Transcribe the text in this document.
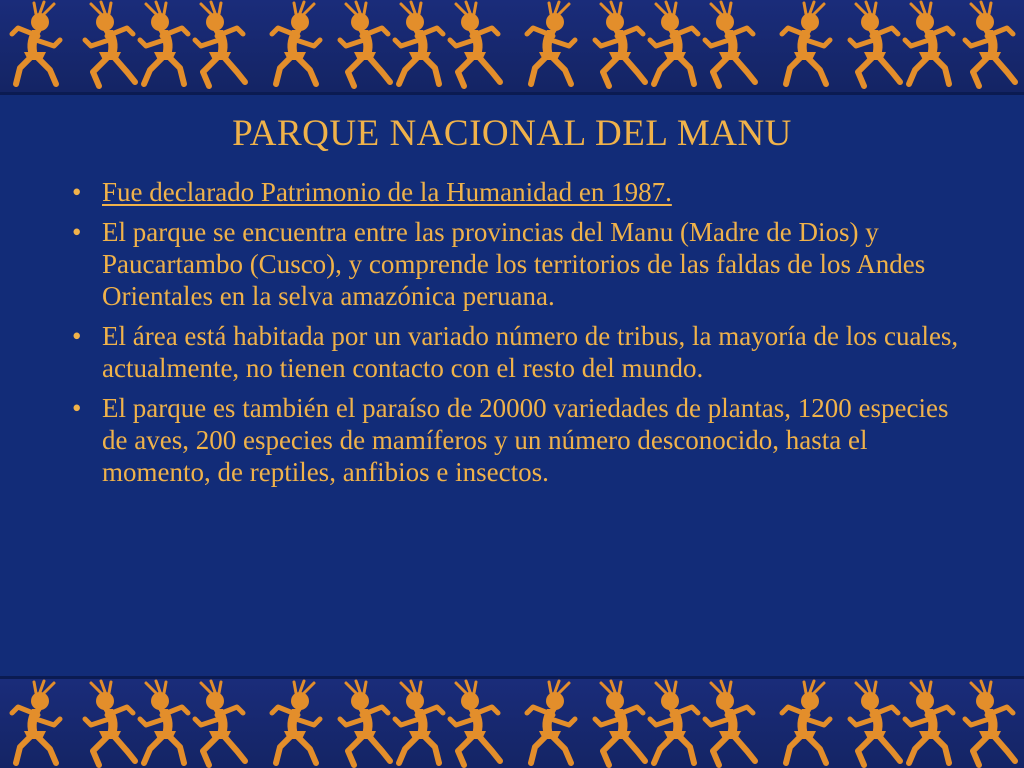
PARQUE NACIONAL DEL MANU
• Fue declarado Patrimonio de la Humanidad en 1987.
• El parque se encuentra entre las provincias del Manu (Madre de Dios) y Paucartambo (Cusco), y comprende los territorios de las faldas de los Andes Orientales en la selva amazónica peruana.
• El área está habitada por un variado número de tribus, la mayoría de los cuales, actualmente, no tienen contacto con el resto del mundo.
• El parque es también el paraíso de 20000 variedades de plantas, 1200 especies de aves, 200 especies de mamíferos y un número desconocido, hasta el momento, de reptiles, anfibios e insectos.
